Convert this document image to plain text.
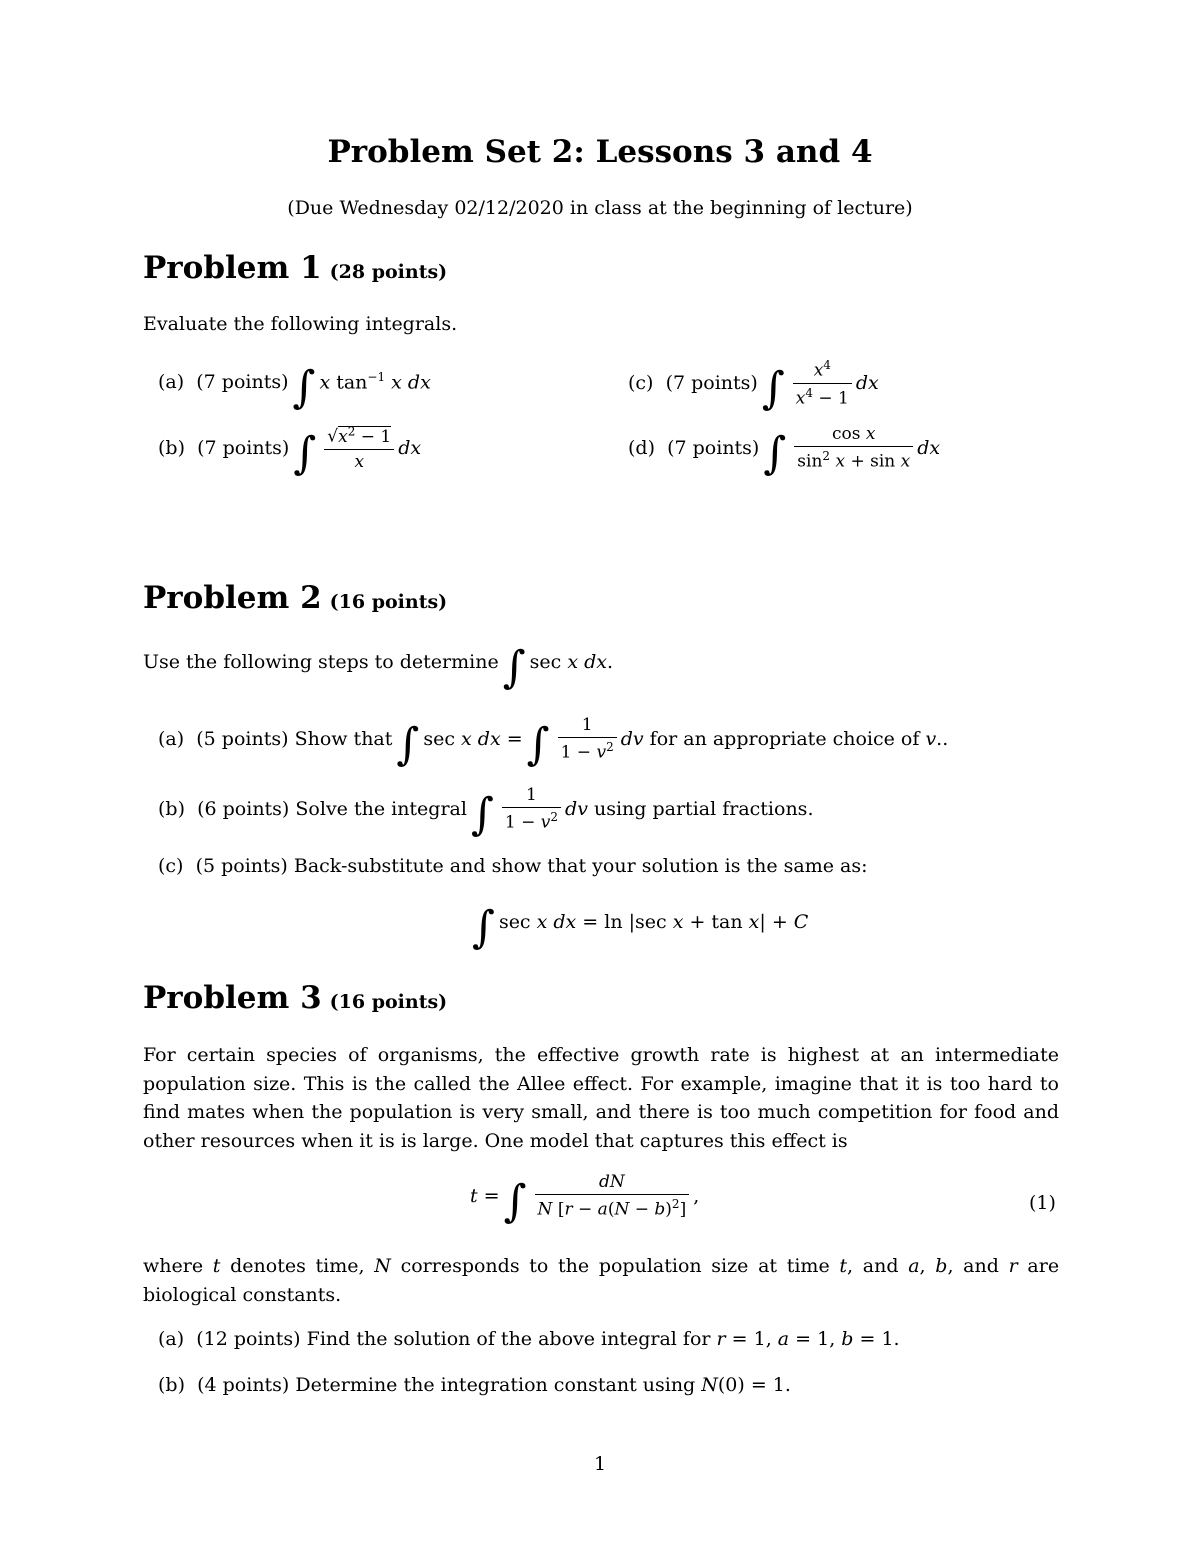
Problem Set 2: Lessons 3 and 4
(Due Wednesday 02/12/2020 in class at the beginning of lecture)
Problem 1 (28 points)
Evaluate the following integrals.
(a)
(7 points) ∫ x $\tan^{-1} x$ dx	(c)
(7 points) ∫ $\frac{x^4}{x^4 - 1}$ dx
(b)
(7 points) ∫ $\frac{√x^2 - 1}{x}$ dx	(d)
(7 points) ∫ $\frac{\text{cos x}}{\sin^2 x + \sin x}$ dx
Problem 2 (16 points)
Use the following steps to determine ∫ sec x dx.
(a)
(5 points)
Show that ∫ sec x dx = ∫ $\frac{1}{1 - v^2}$ dv
for an appropriate choice of
v ..
(b)
(6 points)
Solve the integral ∫ $\frac{1}{1 - v^2}$ dv
using partial fractions.
(c)
(5 points)
Back-substitute and show that your solution is the same as:
∫ sec x dx = ln |sec x + tan x| + C
Problem 3 (16 points)
For certain species of organisms, the effective growth rate is highest at an intermediate population size. This is the called the Allee effect. For example, imagine that it is too hard to find mates when the population is very small, and there is too much competition for food and other resources when it is is large. One model that captures this effect is
t = ∫ $\frac{dN}{N [r - a(N - b)^2]}$ ,	(1)
where t denotes time, N corresponds to the population size at time t, and a, b, and r are biological constants.
(a)
(12 points)
Find the solution of the above integral for
r = 1, a = 1, b = 1.
(b)
(4 points)
Determine the integration constant using
N(0) = 1.
1
